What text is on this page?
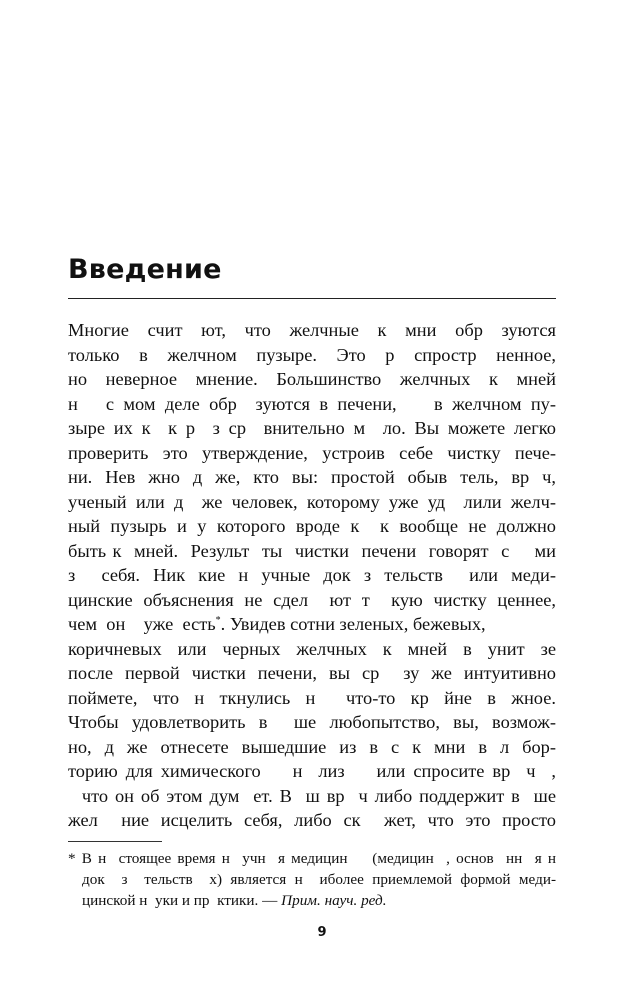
Введение
Многие  счит  ют,  что  желчные  к  мни  обр  зуются
только  в  желчном  пузыре.  Это  р  спростр  ненное,
но неверное мнение. Большинство желчных к мней
н   с мом деле обр  зуются в печени,    в желчном пу-
зыре их к  к р  з ср  внительно м  ло. Вы можете легко
проверить это утверждение, устроив себе чистку пече-
ни.  Нев  жно  д  же,  кто  вы:  простой  обыв  тель,  вр  ч,
ученый или д  же человек, которому уже уд  лили желч-
ный пузырь и у которого вроде к  к вообще не должно
быть к  мней.  Результ  ты  чистки  печени  говорят  с    ми
з    себя.  Ник  кие  н  учные  док  з  тельств    или  меди-
цинские объяснения не сдел  ют т  кую чистку ценнее,
чем  он    уже  есть*. Увидев сотни зеленых, бежевых,
коричневых  или  черных  желчных  к  мней  в  унит  зе
после первой чистки печени, вы ср  зу же интуитивно
поймете,  что  н  ткнулись  н    что-то  кр  йне  в  жное.
Чтобы удовлетворить в  ше любопытство, вы, возмож-
но,  д  же  отнесете  вышедшие  из  в  с  к  мни  в  л  бор-
торию для химического    н  лиз    или спросите вр  ч  ,
что он об этом дум  ет. В  ш вр  ч либо поддержит в  ше
жел  ние исцелить себя, либо ск  жет, что это просто
* В н  стоящее время н  учн  я медицин    (медицин  , основ  нн  я н
док  з  тельств  х) является н  иболее приемлемой формой меди-
цинской н  уки и пр  ктики. — Прим. науч. ред.
9
